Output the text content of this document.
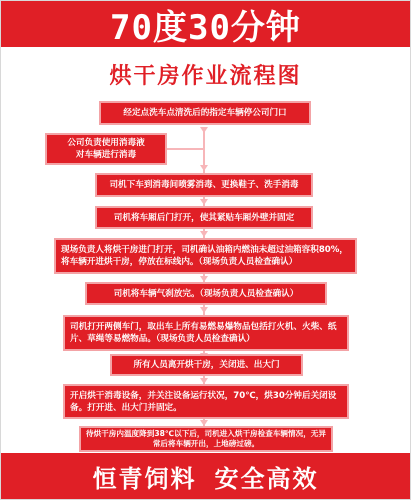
70度30分钟
烘干房作业流程图
经定点洗车点清洗后的指定车辆停公司门口
公司负责使用消毒液
对车辆进行消毒
司机下车到消毒间喷雾消毒、更换鞋子、洗手消毒
司机将车厢后门打开，使其紧贴车厢外壁并固定
现场负责人将烘干房进门打开，司机确认油箱内燃油未超过油箱容积80%，将车辆开进烘干房，停放在标线内。（现场负责人员检查确认）
司机将车辆气刹放完。（现场负责人员检查确认）
司机打开两侧车门，取出车上所有易燃易爆物品包括打火机、火柴、纸片、草绳等易燃物品。（现场负责人员检查确认）
所有人员离开烘干房，关闭进、出大门
开启烘干消毒设备，并关注设备运行状况，70℃，烘30分钟后关闭设备。打开进、出大门并固定。
待烘干房内温度降到38℃以下后，司机进入烘干房检查车辆情况，无异常后将车辆开出，上地磅过磅。
恒青饲料 安全高效
